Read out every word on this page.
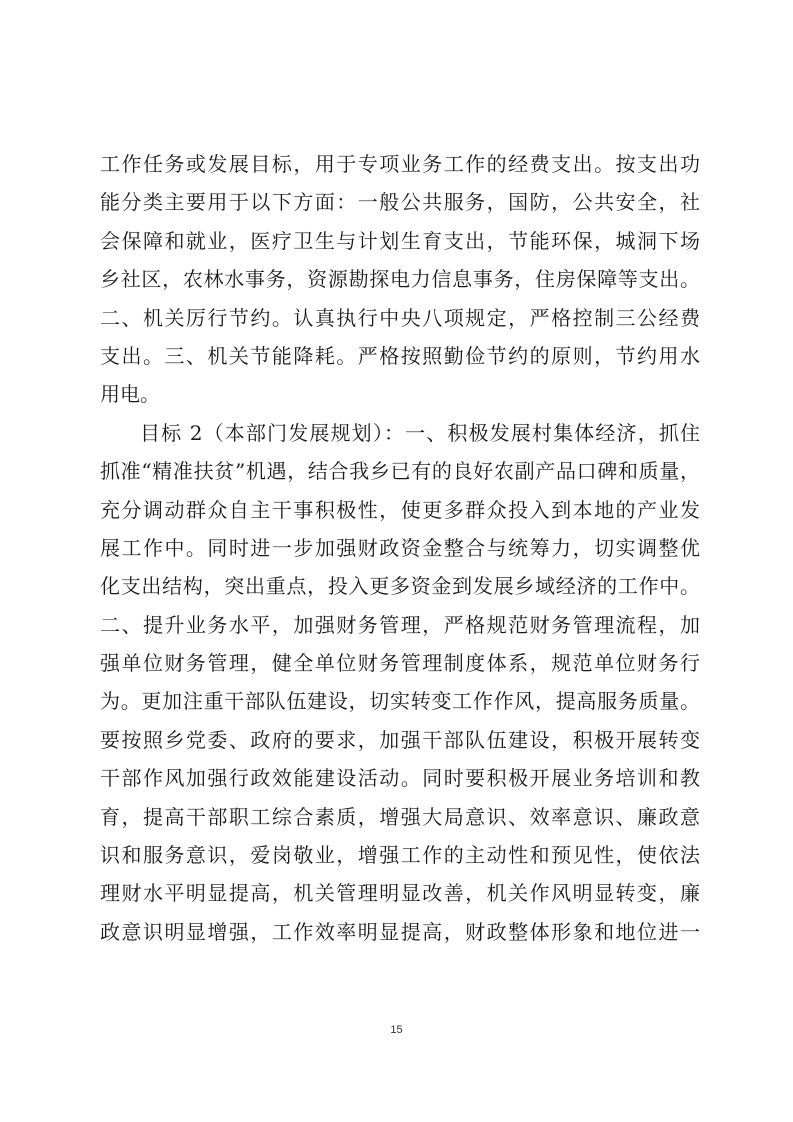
工作任务或发展目标，用于专项业务工作的经费支出。按支出功
能分类主要用于以下方面：一般公共服务，国防，公共安全，社
会保障和就业，医疗卫生与计划生育支出，节能环保，城洞下场
乡社区，农林水事务，资源勘探电力信息事务，住房保障等支出。
二、机关厉行节约。认真执行中央八项规定，严格控制三公经费
支出。三、机关节能降耗。严格按照勤俭节约的原则，节约用水
用电。
目标 2（本部门发展规划）：一、积极发展村集体经济，抓住
抓准“精准扶贫”机遇，结合我乡已有的良好农副产品口碑和质量，
充分调动群众自主干事积极性，使更多群众投入到本地的产业发
展工作中。同时进一步加强财政资金整合与统筹力，切实调整优
化支出结构，突出重点，投入更多资金到发展乡域经济的工作中。
二、提升业务水平，加强财务管理，严格规范财务管理流程，加
强单位财务管理，健全单位财务管理制度体系，规范单位财务行
为。更加注重干部队伍建设，切实转变工作作风，提高服务质量。
要按照乡党委、政府的要求，加强干部队伍建设，积极开展转变
干部作风加强行政效能建设活动。同时要积极开展业务培训和教
育，提高干部职工综合素质，增强大局意识、效率意识、廉政意
识和服务意识，爱岗敬业，增强工作的主动性和预见性，使依法
理财水平明显提高，机关管理明显改善，机关作风明显转变，廉
政意识明显增强，工作效率明显提高，财政整体形象和地位进一
15
